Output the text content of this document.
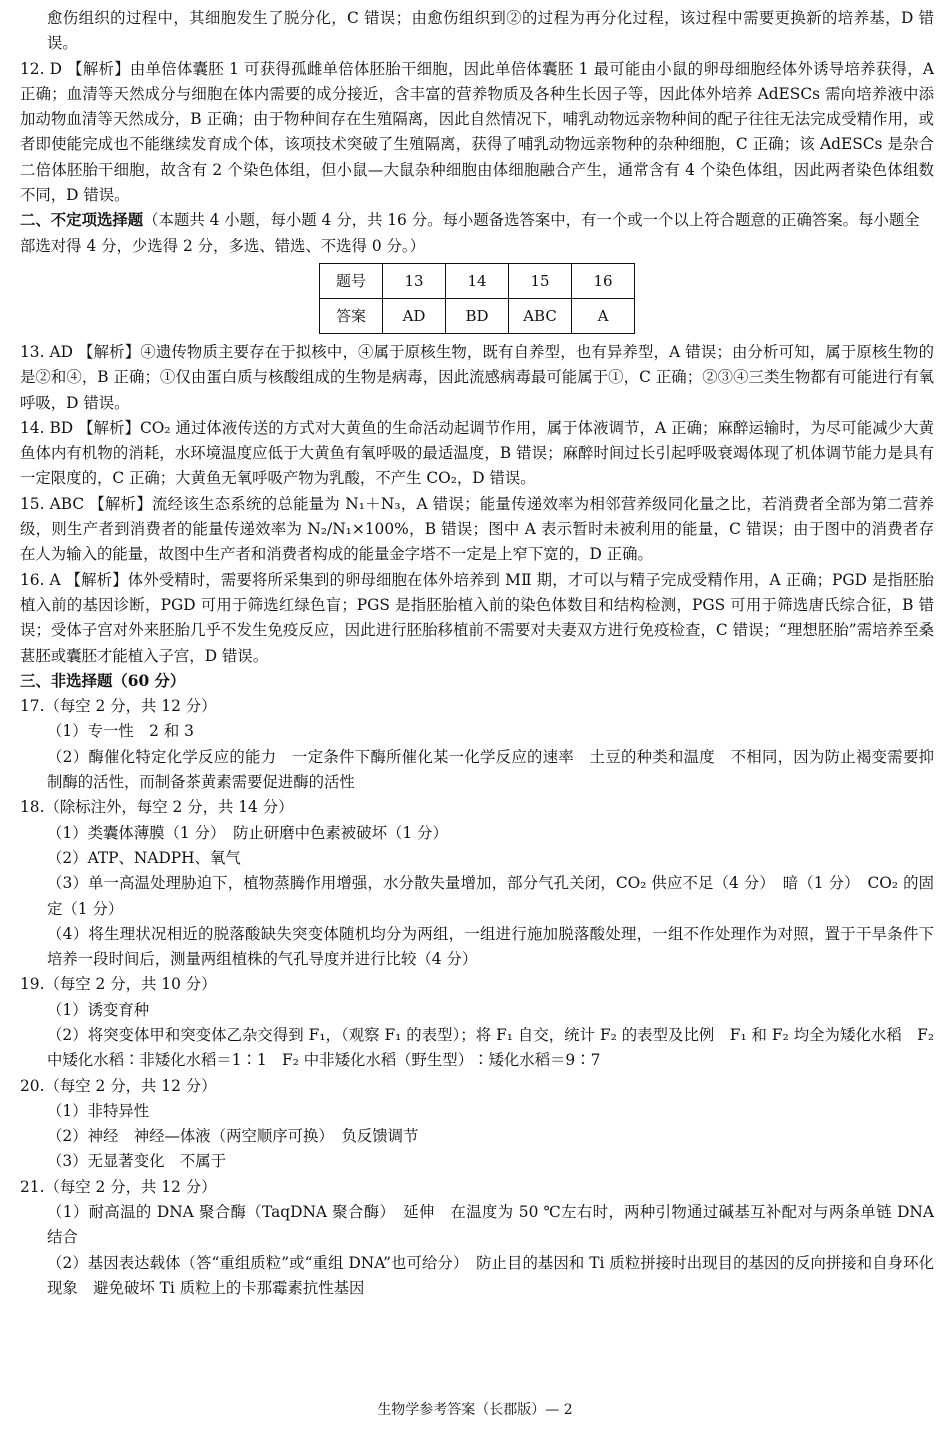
愈伤组织的过程中，其细胞发生了脱分化，C 错误；由愈伤组织到②的过程为再分化过程，该过程中需要更换新的培养基，D 错误。

12. D 【解析】由单倍体囊胚 1 可获得孤雌单倍体胚胎干细胞，因此单倍体囊胚 1 最可能由小鼠的卵母细胞经体外诱导培养获得，A 正确；血清等天然成分与细胞在体内需要的成分接近，含丰富的营养物质及各种生长因子等，因此体外培养 AdESCs 需向培养液中添加动物血清等天然成分，B 正确；由于物种间存在生殖隔离，因此自然情况下，哺乳动物远亲物种间的配子往往无法完成受精作用，或者即使能完成也不能继续发育成个体，该项技术突破了生殖隔离，获得了哺乳动物远亲物种的杂种细胞，C 正确；该 AdESCs 是杂合二倍体胚胎干细胞，故含有 2 个染色体组，但小鼠—大鼠杂种细胞由体细胞融合产生，通常含有 4 个染色体组，因此两者染色体组数不同，D 错误。

二、不定项选择题（本题共 4 小题，每小题 4 分，共 16 分。每小题备选答案中，有一个或一个以上符合题意的正确答案。每小题全部选对得 4 分，少选得 2 分，多选、错选、不选得 0 分。）

题号	13	14	15	16
答案	AD	BD	ABC	A

13. AD 【解析】④遗传物质主要存在于拟核中，④属于原核生物，既有自养型，也有异养型，A 错误；由分析可知，属于原核生物的是②和④，B 正确；①仅由蛋白质与核酸组成的生物是病毒，因此流感病毒最可能属于①，C 正确；②③④三类生物都有可能进行有氧呼吸，D 错误。

14. BD 【解析】CO₂ 通过体液传送的方式对大黄鱼的生命活动起调节作用，属于体液调节，A 正确；麻醉运输时，为尽可能减少大黄鱼体内有机物的消耗，水环境温度应低于大黄鱼有氧呼吸的最适温度，B 错误；麻醉时间过长引起呼吸衰竭体现了机体调节能力是具有一定限度的，C 正确；大黄鱼无氧呼吸产物为乳酸，不产生 CO₂，D 错误。

15. ABC 【解析】流经该生态系统的总能量为 N₁＋N₃，A 错误；能量传递效率为相邻营养级同化量之比，若消费者全部为第二营养级，则生产者到消费者的能量传递效率为 N₂/N₁×100%，B 错误；图中 A 表示暂时未被利用的能量，C 错误；由于图中的消费者存在人为输入的能量，故图中生产者和消费者构成的能量金字塔不一定是上窄下宽的，D 正确。

16. A 【解析】体外受精时，需要将所采集到的卵母细胞在体外培养到 MⅡ 期，才可以与精子完成受精作用，A 正确；PGD 是指胚胎植入前的基因诊断，PGD 可用于筛选红绿色盲；PGS 是指胚胎植入前的染色体数目和结构检测，PGS 可用于筛选唐氏综合征，B 错误；受体子宫对外来胚胎几乎不发生免疫反应，因此进行胚胎移植前不需要对夫妻双方进行免疫检查，C 错误；“理想胚胎”需培养至桑葚胚或囊胚才能植入子宫，D 错误。

三、非选择题（60 分）

17.（每空 2 分，共 12 分）

（1）专一性　2 和 3

（2）酶催化特定化学反应的能力　一定条件下酶所催化某一化学反应的速率　土豆的种类和温度　不相同，因为防止褐变需要抑制酶的活性，而制备茶黄素需要促进酶的活性

18.（除标注外，每空 2 分，共 14 分）

（1）类囊体薄膜（1 分）　防止研磨中色素被破坏（1 分）

（2）ATP、NADPH、氧气

（3）单一高温处理胁迫下，植物蒸腾作用增强，水分散失量增加，部分气孔关闭，CO₂ 供应不足（4 分）　暗（1 分）　CO₂ 的固定（1 分）

（4）将生理状况相近的脱落酸缺失突变体随机均分为两组，一组进行施加脱落酸处理，一组不作处理作为对照，置于干旱条件下培养一段时间后，测量两组植株的气孔导度并进行比较（4 分）

19.（每空 2 分，共 10 分）

（1）诱变育种

（2）将突变体甲和突变体乙杂交得到 F₁，（观察 F₁ 的表型）；将 F₁ 自交，统计 F₂ 的表型及比例　F₁ 和 F₂ 均全为矮化水稻　F₂ 中矮化水稻∶非矮化水稻＝1∶1　F₂ 中非矮化水稻（野生型）∶矮化水稻＝9∶7

20.（每空 2 分，共 12 分）

（1）非特异性

（2）神经　神经—体液（两空顺序可换）　负反馈调节

（3）无显著变化　不属于

21.（每空 2 分，共 12 分）

（1）耐高温的 DNA 聚合酶（TaqDNA 聚合酶）　延伸　在温度为 50 ℃左右时，两种引物通过碱基互补配对与两条单链 DNA 结合

（2）基因表达载体（答“重组质粒”或“重组 DNA”也可给分）　防止目的基因和 Ti 质粒拼接时出现目的基因的反向拼接和自身环化现象　避免破坏 Ti 质粒上的卡那霉素抗性基因

生物学参考答案（长郡版）— 2
